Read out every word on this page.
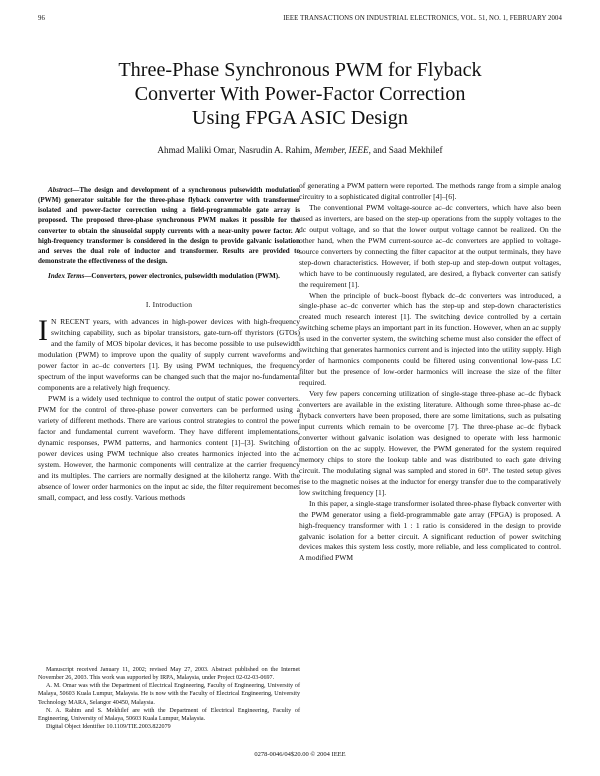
96	IEEE TRANSACTIONS ON INDUSTRIAL ELECTRONICS, VOL. 51, NO. 1, FEBRUARY 2004
Three-Phase Synchronous PWM for Flyback
Converter With Power-Factor Correction
Using FPGA ASIC Design
Ahmad Maliki Omar, Nasrudin A. Rahim, Member, IEEE, and Saad Mekhilef

Abstract—The design and development of a synchronous pulsewidth modulation (PWM) generator suitable for the three-phase flyback converter with transformer isolated and power-factor correction using a field-programmable gate array is proposed. The proposed three-phase synchronous PWM makes it possible for the converter to obtain the sinusoidal supply currents with a near-unity power factor. A high-frequency transformer is considered in the design to provide galvanic isolation and serves the dual role of inductor and transformer. Results are provided to demonstrate the effectiveness of the design.

Index Terms—Converters, power electronics, pulsewidth modulation (PWM).

I. Introduction

I N RECENT years, with advances in high-power devices with high-frequency switching capability, such as bipolar transistors, gate-turn-off thyristors (GTOs) and the family of MOS bipolar devices, it has become possible to use pulsewidth modulation (PWM) to improve upon the quality of supply current waveforms and power factor in ac–dc converters [1]. By using PWM techniques, the frequency spectrum of the input waveforms can be changed such that the major no-fundamental components are a relatively high frequency.

PWM is a widely used technique to control the output of static power converters. PWM for the control of three-phase power converters can be performed using a variety of different methods. There are various control strategies to control the power factor and fundamental current waveform. They have different implementations, dynamic responses, PWM patterns, and harmonics content [1]–[3]. Switching of power devices using PWM technique also creates harmonics injected into the ac system. However, the harmonic components will centralize at the carrier frequency and its multiples. The carriers are normally designed at the kilohertz range. With the absence of lower order harmonics on the input ac side, the filter requirement becomes small, compact, and less costly. Various methods

Manuscript received January 11, 2002; revised May 27, 2003. Abstract published on the Internet November 26, 2003. This work was supported by IRPA, Malaysia, under Project 02-02-03-0697.

A. M. Omar was with the Department of Electrical Engineering, Faculty of Engineering, University of Malaya, 50603 Kuala Lumpur, Malaysia. He is now with the Faculty of Electrical Engineering, University Technology MARA, Selangor 40450, Malaysia.

N. A. Rahim and S. Mekhilef are with the Department of Electrical Engineering, Faculty of Engineering, University of Malaya, 50603 Kuala Lumpur, Malaysia.

Digital Object Identifier 10.1109/TIE.2003.822079

of generating a PWM pattern were reported. The methods range from a simple analog circuitry to a sophisticated digital controller [4]–[6].

The conventional PWM voltage-source ac–dc converters, which have also been used as inverters, are based on the step-up operations from the supply voltages to the dc output voltage, and so that the lower output voltage cannot be realized. On the other hand, when the PWM current-source ac–dc converters are applied to voltage-source converters by connecting the filter capacitor at the output terminals, they have step-down characteristics. However, if both step-up and step-down output voltages, which have to be continuously regulated, are desired, a flyback converter can satisfy the requirement [1].

When the principle of buck–boost flyback dc–dc converters was introduced, a single-phase ac–dc converter which has the step-up and step-down characteristics created much research interest [1]. The switching device controlled by a certain switching scheme plays an important part in its function. However, when an ac supply is used in the converter system, the switching scheme must also consider the effect of switching that generates harmonics current and is injected into the utility supply. High order of harmonics components could be filtered using conventional low-pass LC filter but the presence of low-order harmonics will increase the size of the filter required.

Very few papers concerning utilization of single-stage three-phase ac–dc flyback converters are available in the existing literature. Although some three-phase ac–dc flyback converters have been proposed, there are some limitations, such as pulsating input currents which remain to be overcome [7]. The three-phase ac–dc flyback converter without galvanic isolation was designed to operate with less harmonic distortion on the ac supply. However, the PWM generated for the system required memory chips to store the lookup table and was distributed to each gate driving circuit. The modulating signal was sampled and stored in 60°. The tested setup gives rise to the magnetic noises at the inductor for energy transfer due to the comparatively low switching frequency [1].

In this paper, a single-stage transformer isolated three-phase flyback converter with the PWM generator using a field-programmable gate array (FPGA) is proposed. A high-frequency transformer with 1 : 1 ratio is considered in the design to provide galvanic isolation for a better circuit. A significant reduction of power switching devices makes this system less costly, more reliable, and less complicated to control. A modified PWM

0278-0046/04$20.00 © 2004 IEEE
